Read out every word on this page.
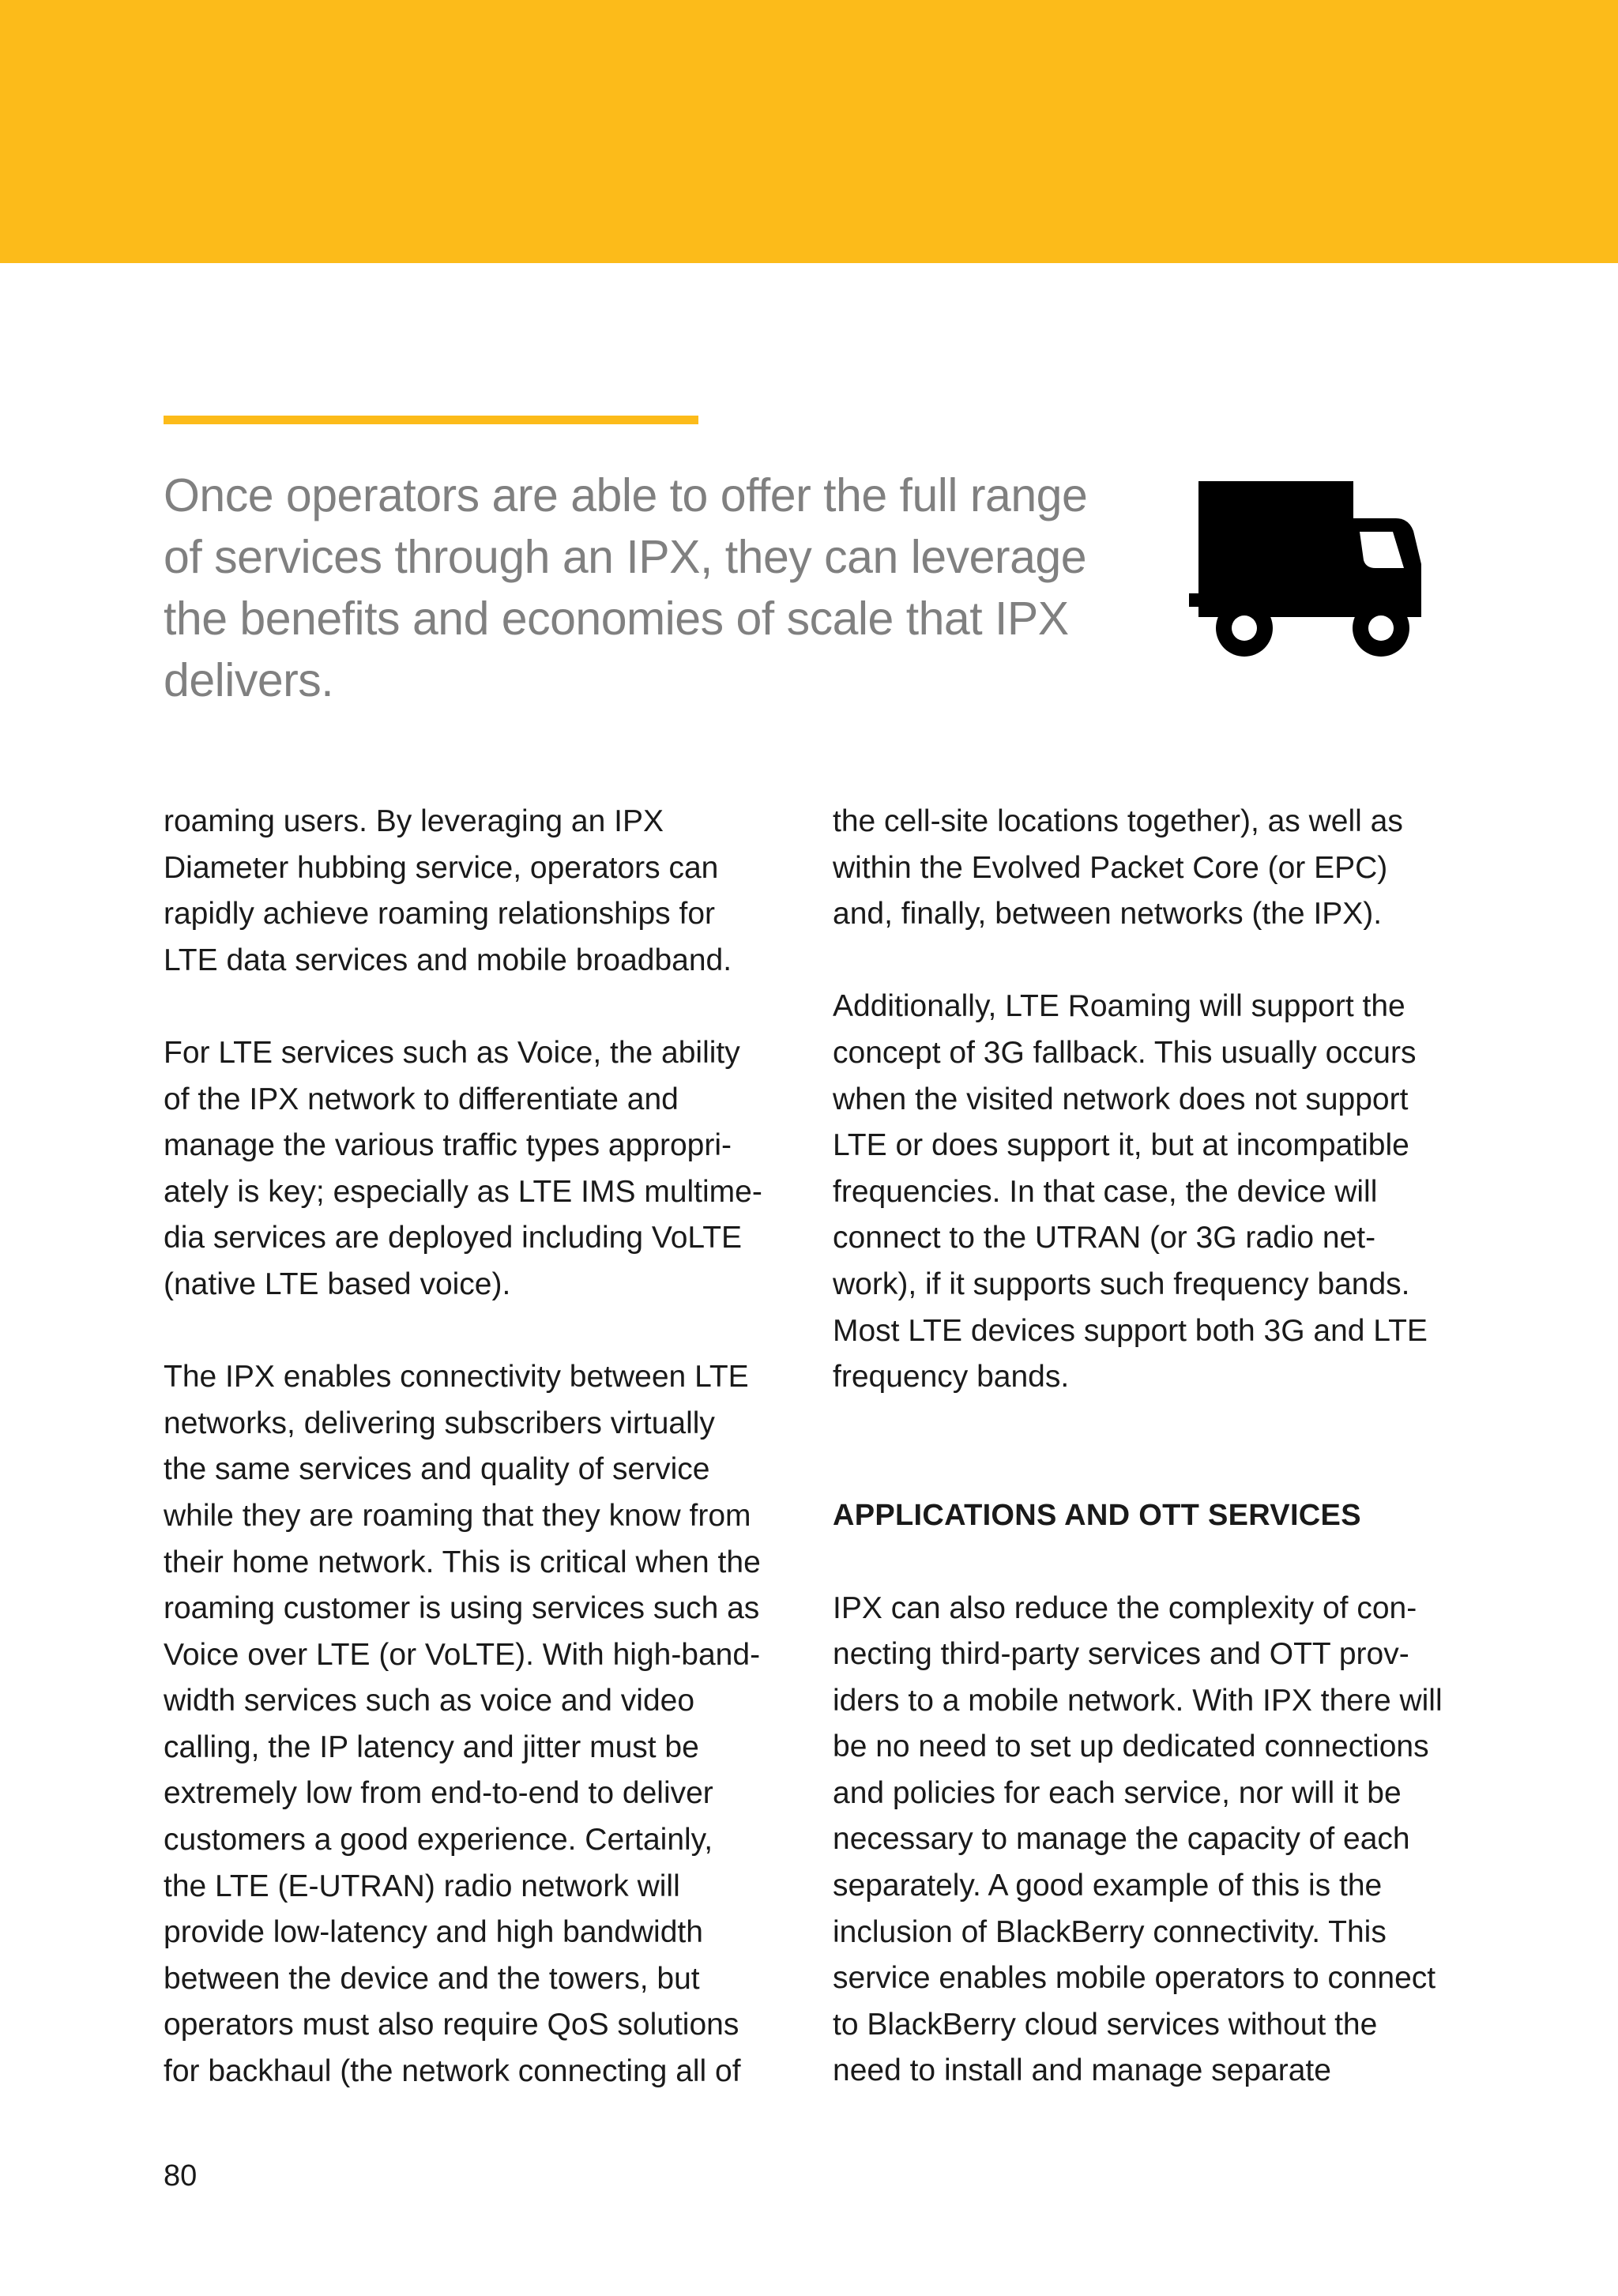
Once operators are able to offer the full range
of services through an IPX, they can leverage
the benefits and economies of scale that IPX
delivers.
roaming users. By leveraging an IPX
Diameter hubbing service, operators can
rapidly achieve roaming relationships for
LTE data services and mobile broadband.
For LTE services such as Voice, the ability
of the IPX network to differentiate and
manage the various traffic types appropri-
ately is key; especially as LTE IMS multime-
dia services are deployed including VoLTE
(native LTE based voice).
The IPX enables connectivity between LTE
networks, delivering subscribers virtually
the same services and quality of service
while they are roaming that they know from
their home network. This is critical when the
roaming customer is using services such as
Voice over LTE (or VoLTE). With high-band-
width services such as voice and video
calling, the IP latency and jitter must be
extremely low from end-to-end to deliver
customers a good experience. Certainly,
the LTE (E-UTRAN) radio network will
provide low-latency and high bandwidth
between the device and the towers, but
operators must also require QoS solutions
for backhaul (the network connecting all of
the cell-site locations together), as well as
within the Evolved Packet Core (or EPC)
and, finally, between networks (the IPX).
Additionally, LTE Roaming will support the
concept of 3G fallback. This usually occurs
when the visited network does not support
LTE or does support it, but at incompatible
frequencies. In that case, the device will
connect to the UTRAN (or 3G radio net-
work), if it supports such frequency bands.
Most LTE devices support both 3G and LTE
frequency bands.
APPLICATIONS AND OTT SERVICES
IPX can also reduce the complexity of con-
necting third-party services and OTT prov-
iders to a mobile network. With IPX there will
be no need to set up dedicated connections
and policies for each service, nor will it be
necessary to manage the capacity of each
separately. A good example of this is the
inclusion of BlackBerry connectivity. This
service enables mobile operators to connect
to BlackBerry cloud services without the
need to install and manage separate
80
